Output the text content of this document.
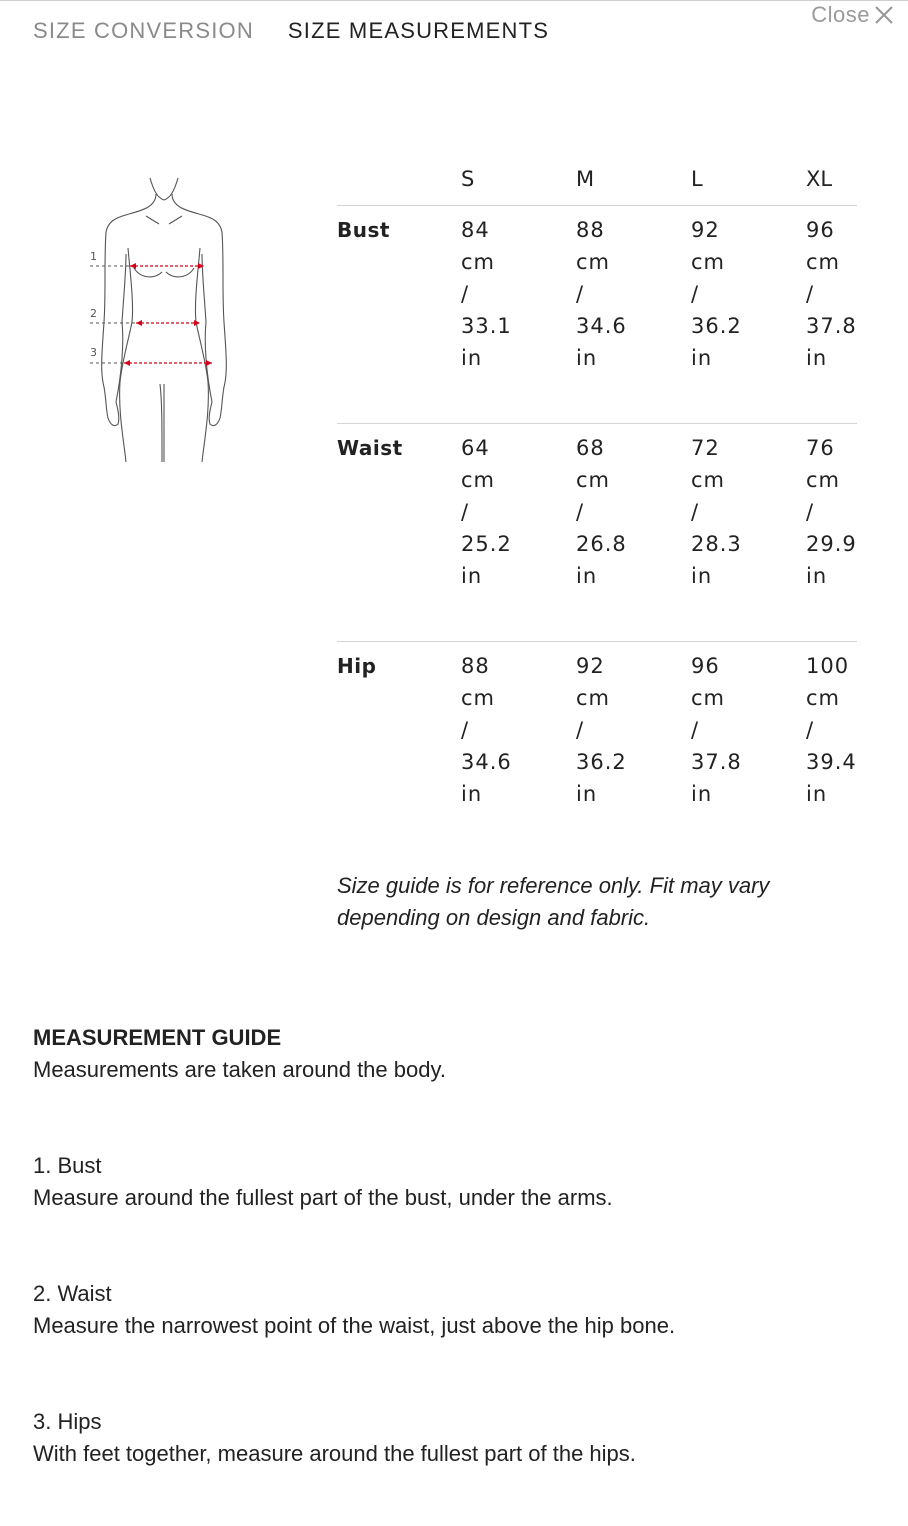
SIZE CONVERSION SIZE MEASUREMENTS
Close
1
2
3
	S	M	L	XL
Bust	84
cm
/
33.1
in	88
cm
/
34.6
in	92
cm
/
36.2
in	96
cm
/
37.8
in

Waist	64
cm
/
25.2
in	68
cm
/
26.8
in	72
cm
/
28.3
in	76
cm
/
29.9
in

Hip	88
cm
/
34.6
in	92
cm
/
36.2
in	96
cm
/
37.8
in	100
cm
/
39.4
in
Size guide is for reference only. Fit may vary depending on design and fabric.
MEASUREMENT GUIDE
Measurements are taken around the body.
1. Bust
Measure around the fullest part of the bust, under the arms.
2. Waist
Measure the narrowest point of the waist, just above the hip bone.
3. Hips
With feet together, measure around the fullest part of the hips.
